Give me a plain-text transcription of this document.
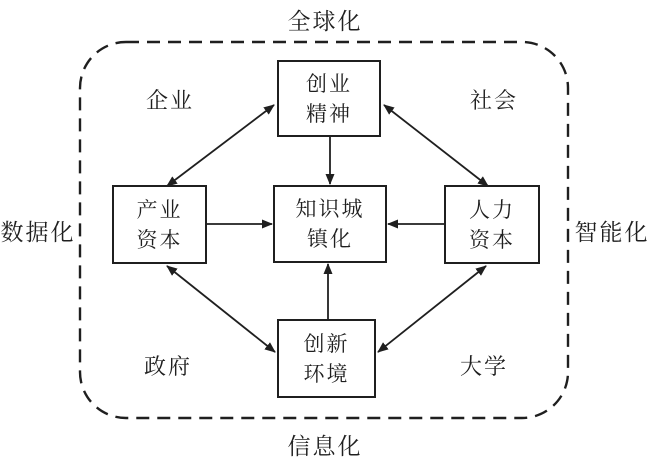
创业
精神
知识城
镇化
产业
资本
人力
资本
创新
环境
全球化
信息化
数据化	智能化
企业	社会
政府	大学
